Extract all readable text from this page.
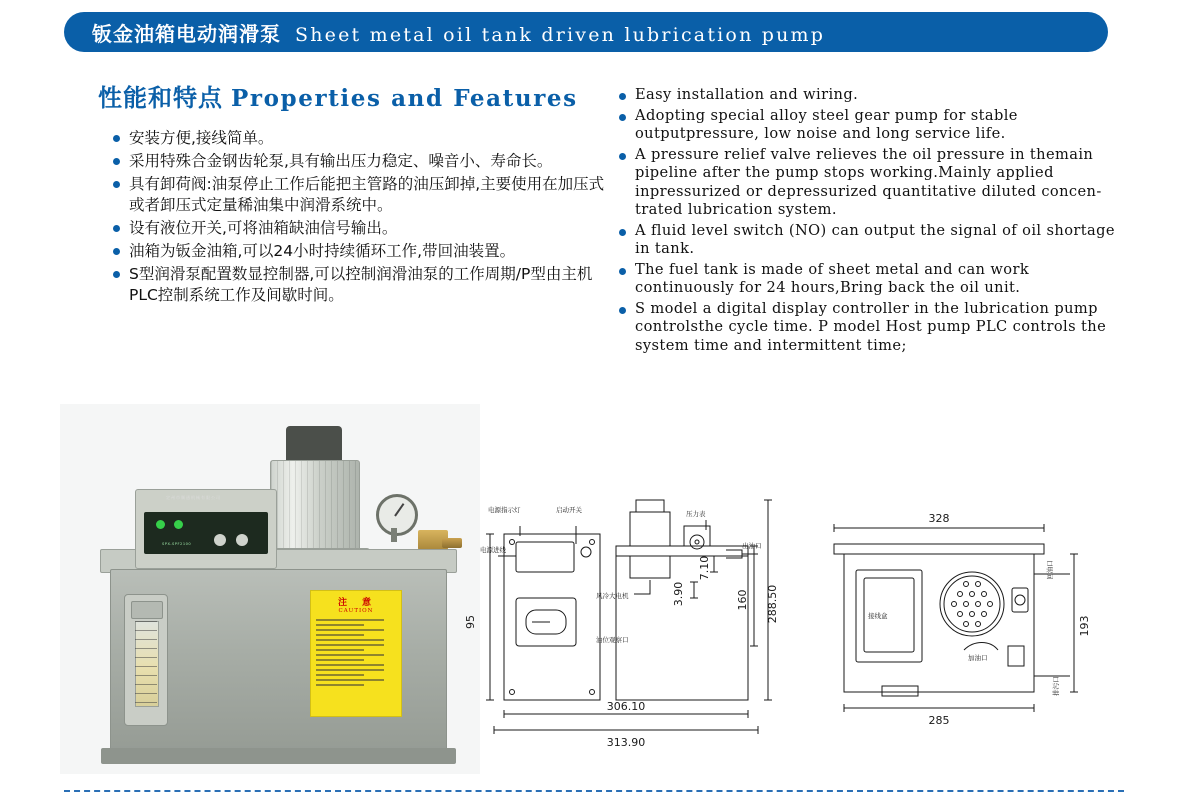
钣金油箱电动润滑泵 Sheet metal oil tank driven lubrication pump
性能和特点 Properties and Features
安装方便,接线简单。
采用特殊合金钢齿轮泵,具有输出压力稳定、噪音小、寿命长。
具有卸荷阀:油泵停止工作后能把主管路的油压卸掉,主要使用在加压式或者卸压式定量稀油集中润滑系统中。
设有液位开关,可将油箱缺油信号输出。
油箱为钣金油箱,可以24小时持续循环工作,带回油装置。
S型润滑泵配置数显控制器,可以控制润滑油泵的工作周期/P型由主机PLC控制系统工作及间歇时间。
Easy installation and wiring.
Adopting special alloy steel gear pump for stable outputpressure, low noise and long service life.
A pressure relief valve relieves the oil pressure in themain pipeline after the pump stops working.Mainly applied inpressurized or depressurized quantitative diluted concen-trated lubrication system.
A fluid level switch (NO) can output the signal of oil shortage in tank.
The fuel tank is made of sheet metal and can work continuously for 24 hours,Bring back the oil unit.
S model a digital display controller in the lubrication pump controlsthe cycle time. P model Host pump PLC controls the system time and intermittent time;
定州市顺通机械有限公司
SPX-SPF2100
注　意
CAUTION
电源指示灯	启动开关
电源进线
压力表
出油口
风冷大电机
油位观察口
95	288.50
160
7.10
3.90
306.10
313.90
接线盒
加油口
回油口
排污口
328
285
193
